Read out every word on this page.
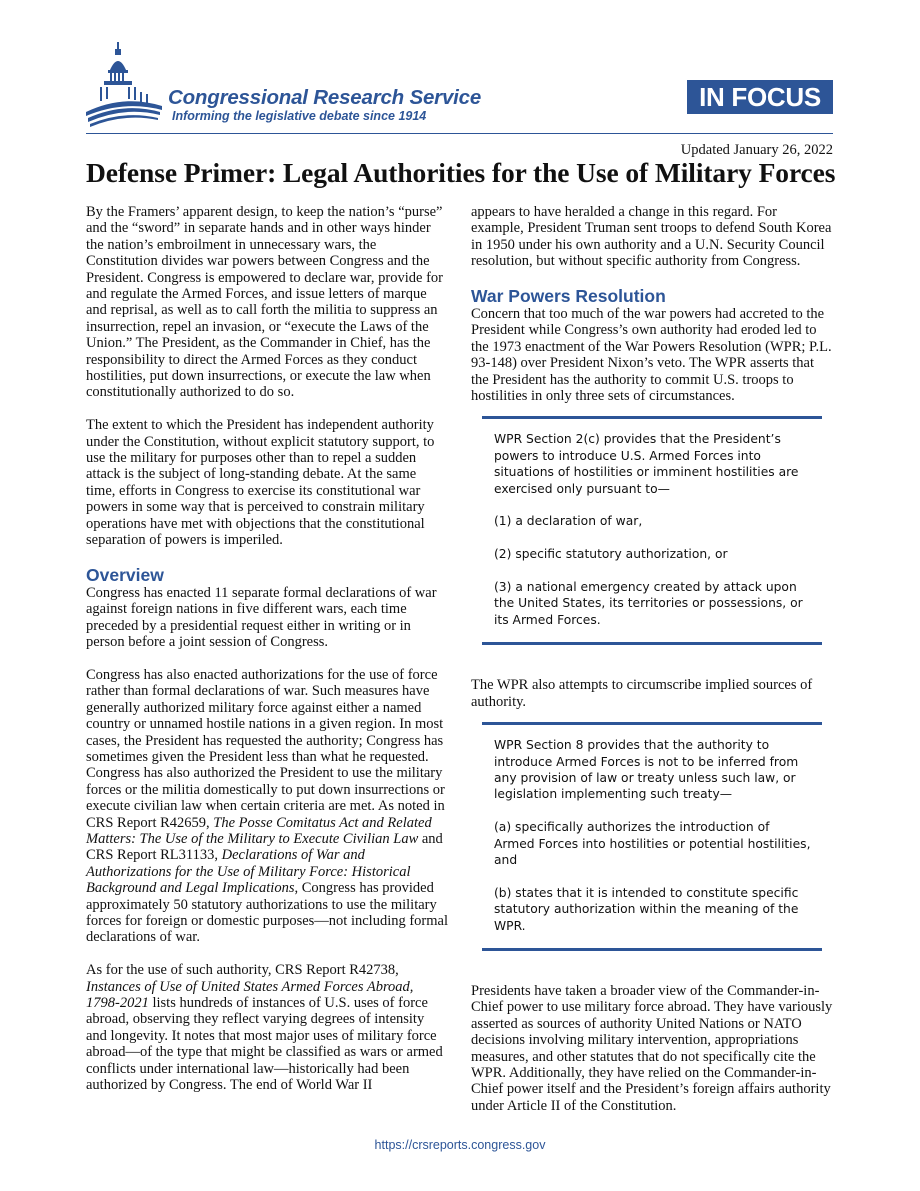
Congressional Research Service
Informing the legislative debate since 1914
IN FOCUS
Updated January 26, 2022
Defense Primer: Legal Authorities for the Use of Military Forces

By the Framers’ apparent design, to keep the nation’s “purse” and the “sword” in separate hands and in other ways hinder the nation’s embroilment in unnecessary wars, the Constitution divides war powers between Congress and the President. Congress is empowered to declare war, provide for and regulate the Armed Forces, and issue letters of marque and reprisal, as well as to call forth the militia to suppress an insurrection, repel an invasion, or “execute the Laws of the Union.” The President, as the Commander in Chief, has the responsibility to direct the Armed Forces as they conduct hostilities, put down insurrections, or execute the law when constitutionally authorized to do so.

The extent to which the President has independent authority under the Constitution, without explicit statutory support, to use the military for purposes other than to repel a sudden attack is the subject of long-standing debate. At the same time, efforts in Congress to exercise its constitutional war powers in some way that is perceived to constrain military operations have met with objections that the constitutional separation of powers is imperiled.

Overview

Congress has enacted 11 separate formal declarations of war against foreign nations in five different wars, each time preceded by a presidential request either in writing or in person before a joint session of Congress.

Congress has also enacted authorizations for the use of force rather than formal declarations of war. Such measures have generally authorized military force against either a named country or unnamed hostile nations in a given region. In most cases, the President has requested the authority; Congress has sometimes given the President less than what he requested. Congress has also authorized the President to use the military forces or the militia domestically to put down insurrections or execute civilian law when certain criteria are met. As noted in CRS Report R42659, The Posse Comitatus Act and Related Matters: The Use of the Military to Execute Civilian Law and CRS Report RL31133, Declarations of War and Authorizations for the Use of Military Force: Historical Background and Legal Implications, Congress has provided approximately 50 statutory authorizations to use the military forces for foreign or domestic purposes—not including formal declarations of war.

As for the use of such authority, CRS Report R42738, Instances of Use of United States Armed Forces Abroad, 1798-2021 lists hundreds of instances of U.S. uses of force abroad, observing they reflect varying degrees of intensity and longevity. It notes that most major uses of military force abroad—of the type that might be classified as wars or armed conflicts under international law—historically had been authorized by Congress. The end of World War II

appears to have heralded a change in this regard. For example, President Truman sent troops to defend South Korea in 1950 under his own authority and a U.N. Security Council resolution, but without specific authority from Congress.

War Powers Resolution

Concern that too much of the war powers had accreted to the President while Congress’s own authority had eroded led to the 1973 enactment of the War Powers Resolution (WPR; P.L. 93-148) over President Nixon’s veto. The WPR asserts that the President has the authority to commit U.S. troops to hostilities in only three sets of circumstances.

WPR Section 2(c) provides that the President’s powers to introduce U.S. Armed Forces into situations of hostilities or imminent hostilities are exercised only pursuant to—

(1) a declaration of war,

(2) specific statutory authorization, or

(3) a national emergency created by attack upon the United States, its territories or possessions, or its Armed Forces.

The WPR also attempts to circumscribe implied sources of authority.

WPR Section 8 provides that the authority to introduce Armed Forces is not to be inferred from any provision of law or treaty unless such law, or legislation implementing such treaty—

(a) specifically authorizes the introduction of Armed Forces into hostilities or potential hostilities, and

(b) states that it is intended to constitute specific statutory authorization within the meaning of the WPR.

Presidents have taken a broader view of the Commander-in-Chief power to use military force abroad. They have variously asserted as sources of authority United Nations or NATO decisions involving military intervention, appropriations measures, and other statutes that do not specifically cite the WPR. Additionally, they have relied on the Commander-in-Chief power itself and the President’s foreign affairs authority under Article II of the Constitution.

https://crsreports.congress.gov
